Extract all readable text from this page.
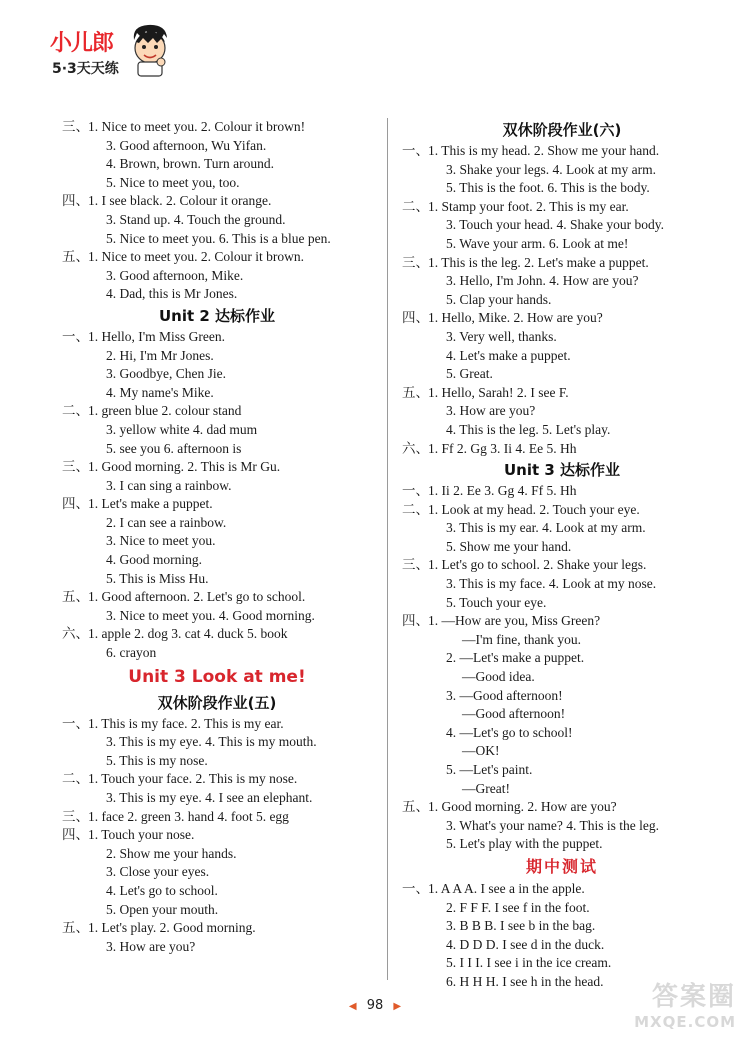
小儿郎
5·3天天练
三、 1. Nice to meet you. 2. Colour it brown!
3. Good afternoon, Wu Yifan.
4. Brown, brown. Turn around.
5. Nice to meet you, too.
四、 1. I see black. 2. Colour it orange.
3. Stand up. 4. Touch the ground.
5. Nice to meet you. 6. This is a blue pen.
五、 1. Nice to meet you. 2. Colour it brown.
3. Good afternoon, Mike.
4. Dad, this is Mr Jones.
Unit 2 达标作业
一、 1. Hello, I'm Miss Green.
2. Hi, I'm Mr Jones.
3. Goodbye, Chen Jie.
4. My name's Mike.
二、 1. green blue 2. colour stand
3. yellow white 4. dad mum
5. see you 6. afternoon is
三、 1. Good morning. 2. This is Mr Gu.
3. I can sing a rainbow.
四、 1. Let's make a puppet.
2. I can see a rainbow.
3. Nice to meet you.
4. Good morning.
5. This is Miss Hu.
五、 1. Good afternoon. 2. Let's go to school.
3. Nice to meet you. 4. Good morning.
六、 1. apple 2. dog 3. cat 4. duck 5. book
6. crayon
Unit 3 Look at me!
双休阶段作业(五)
一、 1. This is my face. 2. This is my ear.
3. This is my eye. 4. This is my mouth.
5. This is my nose.
二、 1. Touch your face. 2. This is my nose.
3. This is my eye. 4. I see an elephant.
三、 1. face 2. green 3. hand 4. foot 5. egg
四、 1. Touch your nose.
2. Show me your hands.
3. Close your eyes.
4. Let's go to school.
5. Open your mouth.
五、 1. Let's play. 2. Good morning.
3. How are you?
双休阶段作业(六)
一、 1. This is my head. 2. Show me your hand.
3. Shake your legs. 4. Look at my arm.
5. This is the foot. 6. This is the body.
二、 1. Stamp your foot. 2. This is my ear.
3. Touch your head. 4. Shake your body.
5. Wave your arm. 6. Look at me!
三、 1. This is the leg. 2. Let's make a puppet.
3. Hello, I'm John. 4. How are you?
5. Clap your hands.
四、 1. Hello, Mike. 2. How are you?
3. Very well, thanks.
4. Let's make a puppet.
5. Great.
五、 1. Hello, Sarah! 2. I see F.
3. How are you?
4. This is the leg. 5. Let's play.
六、 1. Ff 2. Gg 3. Ii 4. Ee 5. Hh
Unit 3 达标作业
一、 1. Ii 2. Ee 3. Gg 4. Ff 5. Hh
二、 1. Look at my head. 2. Touch your eye.
3. This is my ear. 4. Look at my arm.
5. Show me your hand.
三、 1. Let's go to school. 2. Shake your legs.
3. This is my face. 4. Look at my nose.
5. Touch your eye.
四、 1. —How are you, Miss Green?
—I'm fine, thank you.
2. —Let's make a puppet.
—Good idea.
3. —Good afternoon!
—Good afternoon!
4. —Let's go to school!
—OK!
5. —Let's paint.
—Great!
五、 1. Good morning. 2. How are you?
3. What's your name? 4. This is the leg.
5. Let's play with the puppet.
期中测试
一、 1. A A A. I see a in the apple.
2. F F F. I see f in the foot.
3. B B B. I see b in the bag.
4. D D D. I see d in the duck.
5. I I I. I see i in the ice cream.
6. H H H. I see h in the head.
◀ 98 ▶	答案圈
MXQE.COM
